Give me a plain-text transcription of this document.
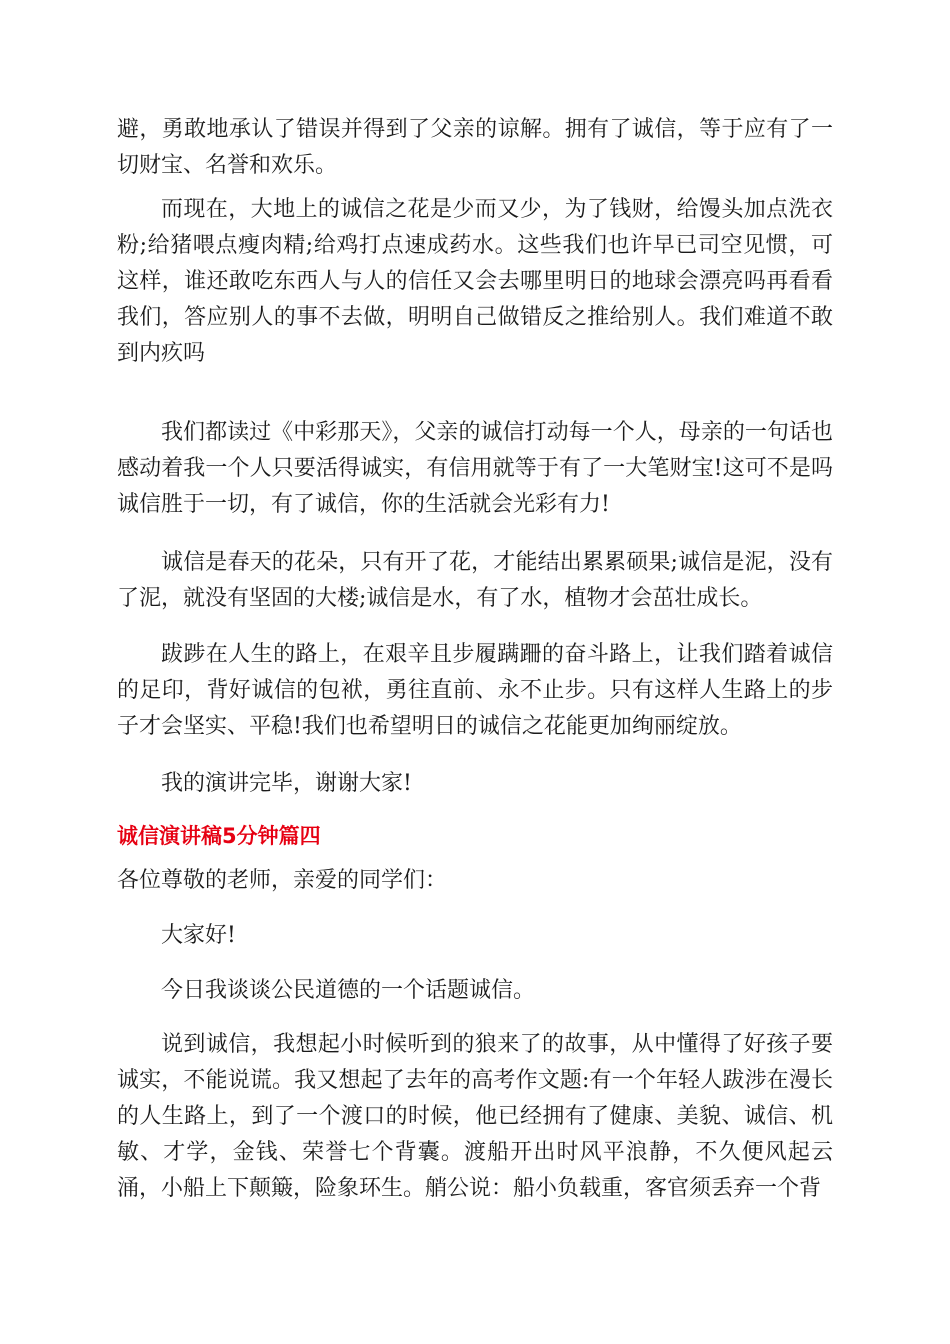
避，勇敢地承认了错误并得到了父亲的谅解。拥有了诚信，等于应有了一切财宝、名誉和欢乐。

而现在，大地上的诚信之花是少而又少，为了钱财，给馒头加点洗衣粉;给猪喂点瘦肉精;给鸡打点速成药水。这些我们也许早已司空见惯，可这样，谁还敢吃东西人与人的信任又会去哪里明日的地球会漂亮吗再看看我们，答应别人的事不去做，明明自己做错反之推给别人。我们难道不敢到内疚吗

我们都读过《中彩那天》，父亲的诚信打动每一个人，母亲的一句话也感动着我一个人只要活得诚实，有信用就等于有了一大笔财宝!这可不是吗诚信胜于一切，有了诚信，你的生活就会光彩有力!

诚信是春天的花朵，只有开了花，才能结出累累硕果;诚信是泥，没有了泥，就没有坚固的大楼;诚信是水，有了水，植物才会茁壮成长。

跋踄在人生的路上，在艰辛且步履蹒跚的奋斗路上，让我们踏着诚信的足印，背好诚信的包袱，勇往直前、永不止步。只有这样人生路上的步子才会坚实、平稳!我们也希望明日的诚信之花能更加绚丽绽放。

我的演讲完毕，谢谢大家!

诚信演讲稿5分钟篇四

各位尊敬的老师，亲爱的同学们：

大家好!

今日我谈谈公民道德的一个话题诚信。

说到诚信，我想起小时候听到的狼来了的故事，从中懂得了好孩子要诚实，不能说谎。我又想起了去年的高考作文题:有一个年轻人跋涉在漫长的人生路上，到了一个渡口的时候，他已经拥有了健康、美貌、诚信、机敏、才学，金钱、荣誉七个背囊。渡船开出时风平浪静，不久便风起云涌，小船上下颠簸，险象环生。艄公说：船小负载重，客官须丢弃一个背
